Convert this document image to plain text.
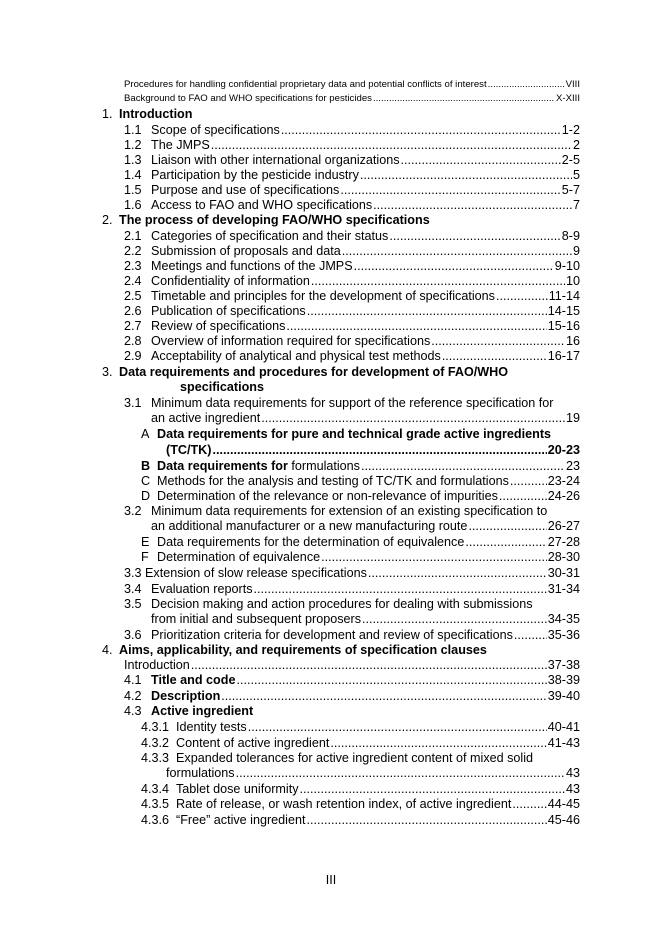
Procedures for handling confidential proprietary data and potential conflicts of interest .....	VIII
Background to FAO and WHO specifications for pesticides .....	X-XIII
1. Introduction
1.1 Scope of specifications .....	1-2
1.2 The JMPS .....	2
1.3 Liaison with other international organizations .....	2-5
1.4 Participation by the pesticide industry .....	5
1.5 Purpose and use of specifications .....	5-7
1.6 Access to FAO and WHO specifications .....	7
2. The process of developing FAO/WHO specifications
2.1 Categories of specification and their status .....	8-9
2.2 Submission of proposals and data .....	9
2.3 Meetings and functions of the JMPS .....	9-10
2.4 Confidentiality of information .....	10
2.5 Timetable and principles for the development of specifications .....	11-14
2.6 Publication of specifications .....	14-15
2.7 Review of specifications .....	15-16
2.8 Overview of information required for specifications .....	16
2.9 Acceptability of analytical and physical test methods .....	16-17
3. Data requirements and procedures for development of FAO/WHO
specifications
3.1 Minimum data requirements for support of the reference specification for
an active ingredient .....	19
A Data requirements for pure and technical grade active ingredients
(TC/TK) .....	20-23
B Data requirements for formulations .....	23
C Methods for the analysis and testing of TC/TK and formulations .....	23-24
D Determination of the relevance or non-relevance of impurities .....	24-26
3.2 Minimum data requirements for extension of an existing specification to
an additional manufacturer or a new manufacturing route .....	26-27
E Data requirements for the determination of equivalence .....	27-28
F Determination of equivalence .....	28-30
3.3 Extension of slow release specifications .....	30-31
3.4 Evaluation reports .....	31-34
3.5 Decision making and action procedures for dealing with submissions
from initial and subsequent proposers .....	34-35
3.6 Prioritization criteria for development and review of specifications .....	35-36
4. Aims, applicability, and requirements of specification clauses
Introduction .....	37-38
4.1 Title and code .....	38-39
4.2 Description .....	39-40
4.3 Active ingredient
4.3.1 Identity tests .....	40-41
4.3.2 Content of active ingredient .....	41-43
4.3.3 Expanded tolerances for active ingredient content of mixed solid
formulations .....	43
4.3.4 Tablet dose uniformity .....	43
4.3.5 Rate of release, or wash retention index, of active ingredient .....	44-45
4.3.6 “Free” active ingredient .....	45-46
III
